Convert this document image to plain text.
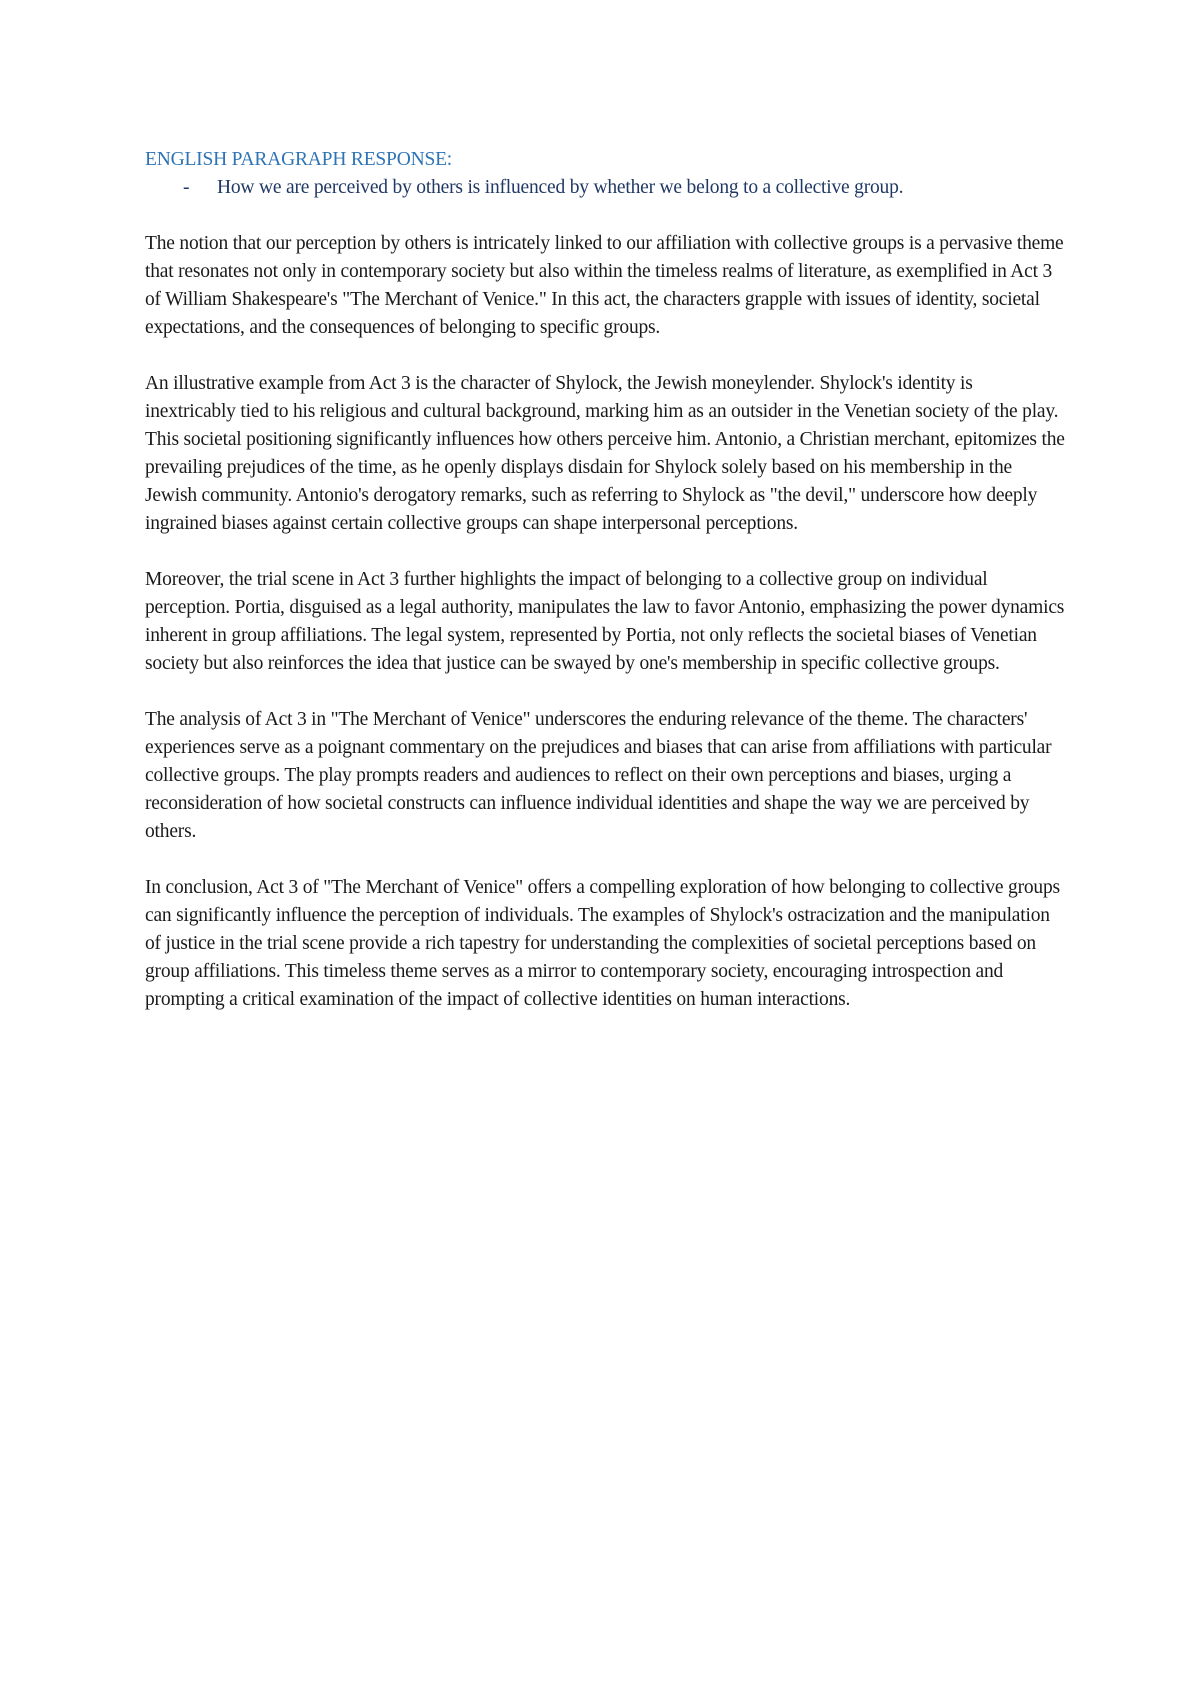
ENGLISH PARAGRAPH RESPONSE:
- How we are perceived by others is influenced by whether we belong to a collective group.

The notion that our perception by others is intricately linked to our affiliation with collective groups is a pervasive theme that resonates not only in contemporary society but also within the timeless realms of literature, as exemplified in Act 3 of William Shakespeare's "The Merchant of Venice." In this act, the characters grapple with issues of identity, societal expectations, and the consequences of belonging to specific groups.

An illustrative example from Act 3 is the character of Shylock, the Jewish moneylender. Shylock's identity is inextricably tied to his religious and cultural background, marking him as an outsider in the Venetian society of the play. This societal positioning significantly influences how others perceive him. Antonio, a Christian merchant, epitomizes the prevailing prejudices of the time, as he openly displays disdain for Shylock solely based on his membership in the Jewish community. Antonio's derogatory remarks, such as referring to Shylock as "the devil," underscore how deeply ingrained biases against certain collective groups can shape interpersonal perceptions.

Moreover, the trial scene in Act 3 further highlights the impact of belonging to a collective group on individual perception. Portia, disguised as a legal authority, manipulates the law to favor Antonio, emphasizing the power dynamics inherent in group affiliations. The legal system, represented by Portia, not only reflects the societal biases of Venetian society but also reinforces the idea that justice can be swayed by one's membership in specific collective groups.

The analysis of Act 3 in "The Merchant of Venice" underscores the enduring relevance of the theme. The characters' experiences serve as a poignant commentary on the prejudices and biases that can arise from affiliations with particular collective groups. The play prompts readers and audiences to reflect on their own perceptions and biases, urging a reconsideration of how societal constructs can influence individual identities and shape the way we are perceived by others.

In conclusion, Act 3 of "The Merchant of Venice" offers a compelling exploration of how belonging to collective groups can significantly influence the perception of individuals. The examples of Shylock's ostracization and the manipulation of justice in the trial scene provide a rich tapestry for understanding the complexities of societal perceptions based on group affiliations. This timeless theme serves as a mirror to contemporary society, encouraging introspection and prompting a critical examination of the impact of collective identities on human interactions.
